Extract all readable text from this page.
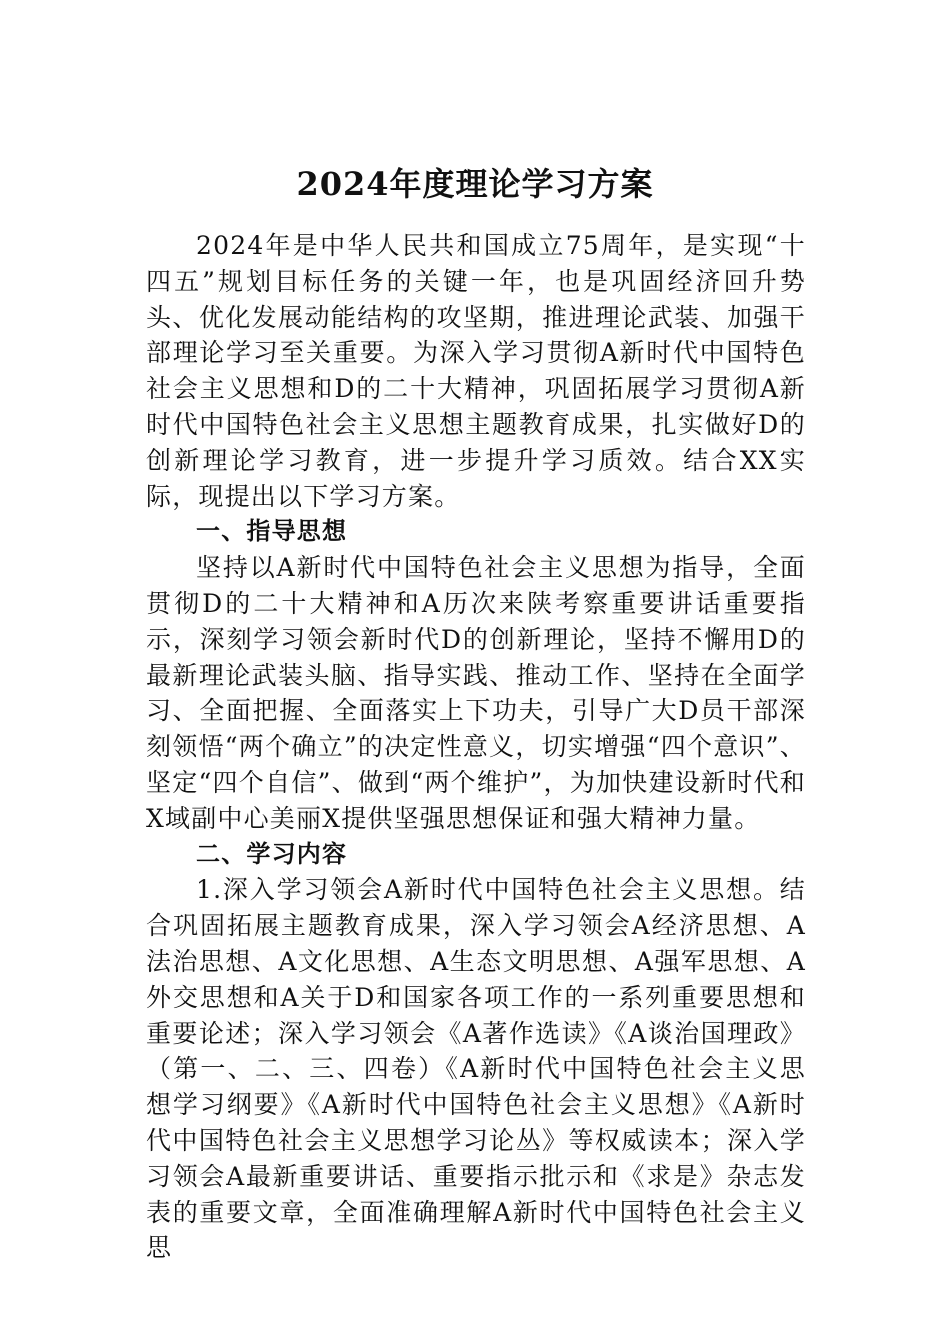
2024年度理论学习方案

2024年是中华人民共和国成立75周年，是实现“十四五”规划目标任务的关键一年，也是巩固经济回升势头、优化发展动能结构的攻坚期，推进理论武装、加强干部理论学习至关重要。为深入学习贯彻A新时代中国特色社会主义思想和D的二十大精神，巩固拓展学习贯彻A新时代中国特色社会主义思想主题教育成果，扎实做好D的创新理论学习教育，进一步提升学习质效。结合XX实际，现提出以下学习方案。

一、指导思想

坚持以A新时代中国特色社会主义思想为指导，全面贯彻D的二十大精神和A历次来陕考察重要讲话重要指示，深刻学习领会新时代D的创新理论，坚持不懈用D的最新理论武装头脑、指导实践、推动工作、坚持在全面学习、全面把握、全面落实上下功夫，引导广大D员干部深刻领悟“两个确立”的决定性意义，切实增强“四个意识”、坚定“四个自信”、做到“两个维护”，为加快建设新时代和X域副中心美丽X提供坚强思想保证和强大精神力量。

二、学习内容

1.深入学习领会A新时代中国特色社会主义思想。结合巩固拓展主题教育成果，深入学习领会A经济思想、A法治思想、A文化思想、A生态文明思想、A强军思想、A外交思想和A关于D和国家各项工作的一系列重要思想和重要论述；深入学习领会《A著作选读》《A谈治国理政》（第一、二、三、四卷）《A新时代中国特色社会主义思想学习纲要》《A新时代中国特色社会主义思想》《A新时代中国特色社会主义思想学习论丛》等权威读本；深入学习领会A最新重要讲话、重要指示批示和《求是》杂志发表的重要文章，全面准确理解A新时代中国特色社会主义思
